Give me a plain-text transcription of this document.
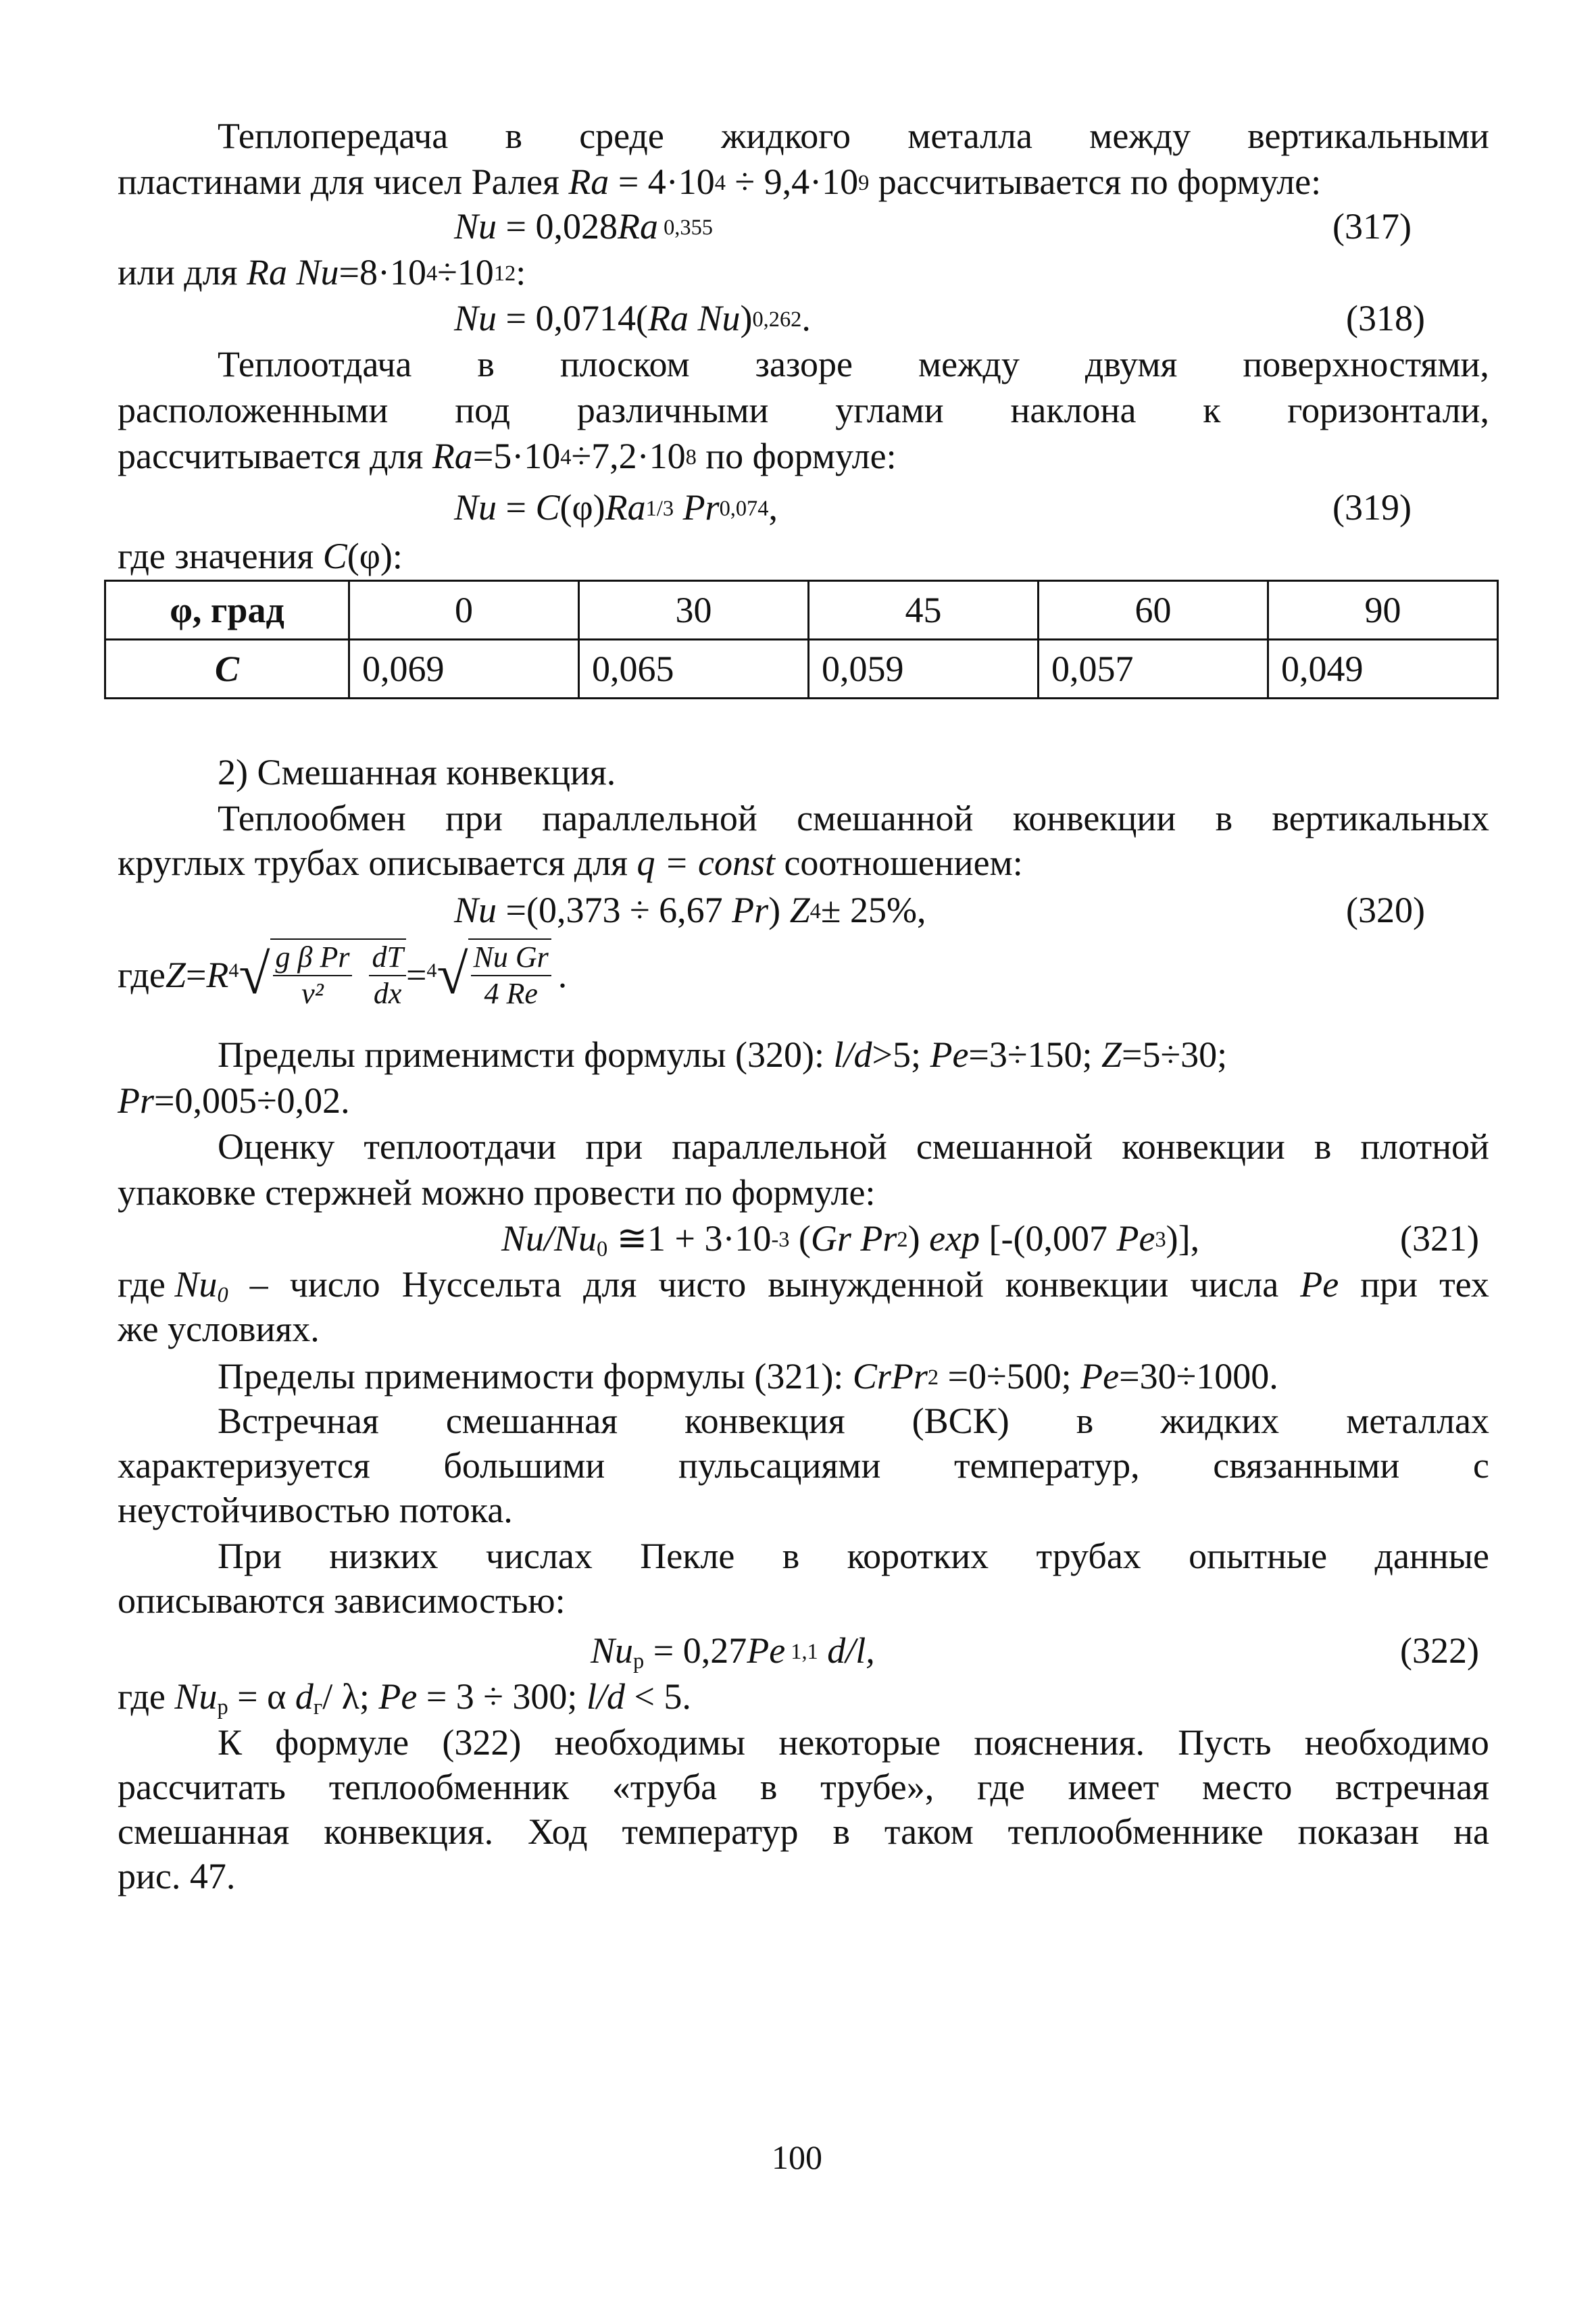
Теплопередача в среде жидкого металла между вертикальными
пластинами для чисел Ралея $Ra = 4\cdot 10^4 \div 9,4\cdot 10^9$ рассчитывается по формуле:
Nu = 0,028Ra $^{0,355}$	(317)
или для Ra $Nu=8\cdot 10^4\div 10^{12}$:
Nu = 0,0714(Ra Nu)$^{0,262}$.	(318)
Теплоотдача в плоском зазоре между двумя поверхностями,
расположенными под различными углами наклона к горизонтали,
рассчитывается для $Ra=5\cdot 10^4\div 7,2\cdot 10^8$ по формуле:
$Nu = C(\varphi)Ra^{1/3}$ Pr$^{0,074}$,	(319)
где значения C(φ):
φ, град	0	30	45	60	90
C	0,069	0,065	0,059	0,057	0,049
2) Смешанная конвекция.
Теплообмен при параллельной смешанной конвекции в вертикальных
круглых трубах описывается для q = const соотношением:
Nu =(0,373 ÷ 6,67 Pr) $Z^4\pm 25\%$,	(320)
где $Z = R^4$ √ $\frac{\text{g β Pr}}{\text{ν²}}$
$\frac{dT}{dx} = ^4$ √ $\frac{\text{Nu Gr}}{4 Re}$ .
Пределы применимсти формулы (320): l/d>5; Pe=3÷150; Z=5÷30;
Pr=0,005÷0,02.
Оценку теплоотдачи при параллельной смешанной конвекции в плотной
упаковке стержней можно провести по формуле:
$Nu/Nu_0$ ≅1 + $3\cdot 10^{-3}$ (Gr Pr$^2$) exp [-(0,007 Pe$^3$)],	(321)
где $Nu_0$ – число Нуссельта для чисто вынужденной конвекции числа Pe при тех
же условиях.
Пределы применимости формулы (321): CrPr$^2$ =0÷500; Pe=30÷1000.
Встречная смешанная конвекция (ВСК) в жидких металлах
характеризуется большими пульсациями температур, связанными с
неустойчивостью потока.
При низких числах Пекле в коротких трубах опытные данные
описываются зависимостью:
$Nu_p = 0,27Pe$ $^{1,1}$ d/l,	(322)
где $Nu_p = \alpha$ $d_г/$ λ; Pe = 3 ÷ 300; l/d < 5.
К формуле (322) необходимы некоторые пояснения. Пусть необходимо
рассчитать теплообменник «труба в трубе», где имеет место встречная
смешанная конвекция. Ход температур в таком теплообменнике показан на
рис. 47.
100
